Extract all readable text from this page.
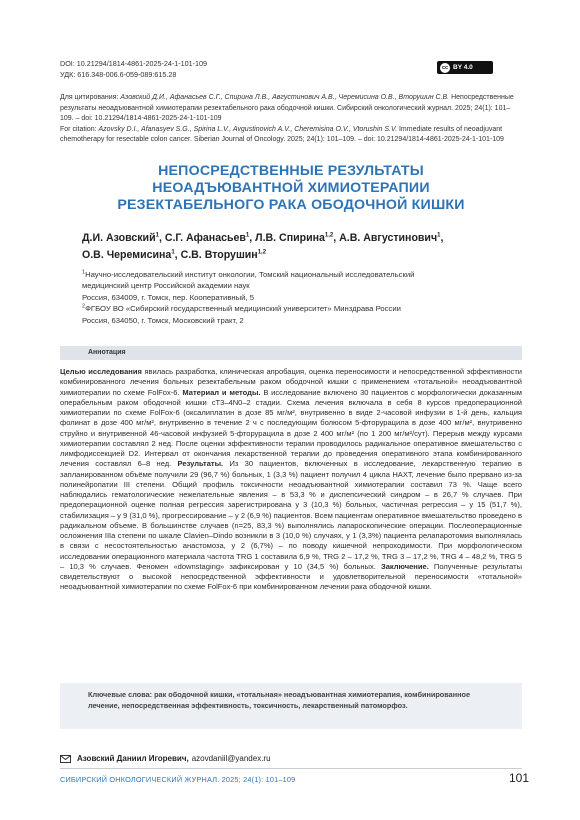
DOI: 10.21294/1814-4861-2025-24-1-101-109
УДК: 616.348-006.6-059-089:615.28
cc BY 4.0

Для цитирования: Азовский Д.И., Афанасьев С.Г., Спирина Л.В., Августинович А.В., Черемисина О.В., Вторушин С.В. Непосредственные результаты неоадъювантной химиотерапии резектабельного рака ободочной кишки. Сибирский онкологический журнал. 2025; 24(1): 101–109. – doi: 10.21294/1814-4861-2025-24-1-101-109

For citation: Azovsky D.I., Afanasyev S.G., Spirina L.V., Avgustinovich A.V., Cheremisina O.V., Vtorushin S.V. Immediate results of neoadjuvant chemotherapy for resectable colon cancer. Siberian Journal of Oncology. 2025; 24(1): 101–109. – doi: 10.21294/1814-4861-2025-24-1-101-109

НЕПОСРЕДСТВЕННЫЕ РЕЗУЛЬТАТЫ
НЕОАДЪЮВАНТНОЙ ХИМИОТЕРАПИИ
РЕЗЕКТАБЕЛЬНОГО РАКА ОБОДОЧНОЙ КИШКИ
Д.И. Азовский$^1$, С.Г. Афанасьев$^1$, Л.В. Спирина$^{1,2}$, А.В. Августинович$^1$,
О.В. Черемисина$^1$, С.В. Вторушин$^{1,2}$
$^1$Научно-исследовательский институт онкологии, Томский национальный исследовательский
медицинский центр Российской академии наук
Россия, 634009, г. Томск, пер. Кооперативный, 5
$^2$ФГБОУ ВО «Сибирский государственный медицинский университет» Минздрава России
Россия, 634050, г. Томск, Московский тракт, 2
Аннотация
Целью исследования явилась разработка, клиническая апробация, оценка переносимости и непосредственной эффективности комбинированного лечения больных резектабельным раком ободочной кишки с применением «тотальной» неоадъювантной химиотерапии по схеме FolFox-6. Материал и методы. В исследование включено 30 пациентов с морфологически доказанным операбельным раком ободочной кишки cT3–4N0–2 стадии. Схема лечения включала в себя 8 курсов предоперационной химиотерапии по схеме FolFox-6 (оксалиплатин в дозе 85 мг/м², внутривенно в виде 2-часовой инфузии в 1-й день, кальция фолинат в дозе 400 мг/м², внутривенно в течение 2 ч с последующим болюсом 5-фторурацила в дозе 400 мг/м², внутривенно струйно и внутривенной 46-часовой инфузией 5-фторурацила в дозе 2 400 мг/м² (по 1 200 мг/м²/сут). Перерыв между курсами химиотерапии составлял 2 нед. После оценки эффективности терапии проводилось радикальное оперативное вмешательство с лимфодиссекцией D2. Интервал от окончания лекарственной терапии до проведения оперативного этапа комбинированного лечения составлял 6–8 нед. Результаты. Из 30 пациентов, включенных в исследование, лекарственную терапию в запланированном объёме получили 29 (96,7 %) больных, 1 (3,3 %) пациент получил 4 цикла НАХТ, лечение было прервано из-за полинейропатии III степени. Общий профиль токсичности неоадъювантной химиотерапии составил 73 %. Чаще всего наблюдались гематологические нежелательные явления – в 53,3 % и диспепсический синдром – в 26,7 % случаев. При предоперационной оценке полная регрессия зарегистрирована у 3 (10,3 %) больных, частичная регрессия – у 15 (51,7 %), стабилизация – у 9 (31,0 %), прогрессирование – у 2 (6,9 %) пациентов. Всем пациентам оперативное вмешательство проведено в радикальном объеме. В большинстве случаев (n=25, 83,3 %) выполнялись лапароскопические операции. Послеоперационные осложнения IIIa степени по шкале Clavien–Dindo возникли в 3 (10,0 %) случаях, у 1 (3,3%) пациента релапаротомия выполнялась в связи с несостоятельностью анастомоза, у 2 (6,7%) – по поводу кишечной непроходимости. При морфологическом исследовании операционного материала частота TRG 1 составила 6,9 %, TRG 2 – 17,2 %, TRG 3 – 17,2 %, TRG 4 – 48,2 %, TRG 5 – 10,3 % случаев. Феномен «downstaging» зафиксирован у 10 (34,5 %) больных. Заключение. Полученные результаты свидетельствуют о высокой непосредственной эффективности и удовлетворительной переносимости «тотальной» неоадъювантной химиотерапии по схеме FolFox-6 при комбинированном лечении рака ободочной кишки.
Ключевые слова: рак ободочной кишки, «тотальная» неоадъювантная химиотерапия, комбинированное лечение, непосредственная эффективность, токсичность, лекарственный патоморфоз.
Азовский Даниил Игоревич, azovdaniil@yandex.ru
СИБИРСКИЙ ОНКОЛОГИЧЕСКИЙ ЖУРНАЛ. 2025; 24(1): 101–109	101
